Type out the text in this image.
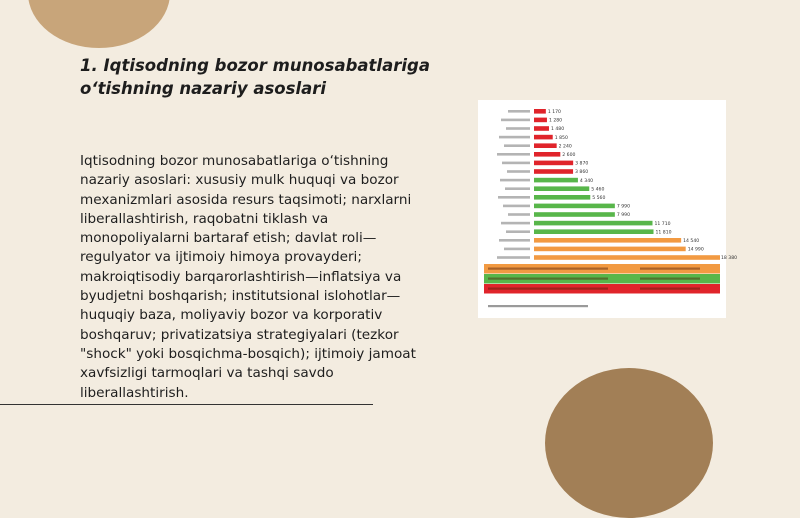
1. Iqtisodning bozor munosabatlariga o‘tishning nazariy asoslari
Iqtisodning bozor munosabatlariga o‘tishning nazariy asoslari: xususiy mulk huquqi va bozor mexanizmlari asosida resurs taqsimoti; narxlarni liberallashtirish, raqobatni tiklash va monopoliyalarni bartaraf etish; davlat roli—regulyator va ijtimoiy himoya provayderi; makroiqtisodiy barqarorlashtirish—inflatsiya va byudjetni boshqarish; institutsional islohotlar—huquqiy baza, moliyaviy bozor va korporativ boshqaruv; privatizatsiya strategiyalari (tezkor "shock" yoki bosqichma-bosqich); ijtimoiy jamoat xavfsizligi tarmoqlari va tashqi savdo liberallashtirish.
1 170
1 280
1 480
1 850
2 240
2 600
3 870
3 860
4 340
5 460
5 560
7 990
7 990
11 710
11 810
14 540
14 990
18 380
